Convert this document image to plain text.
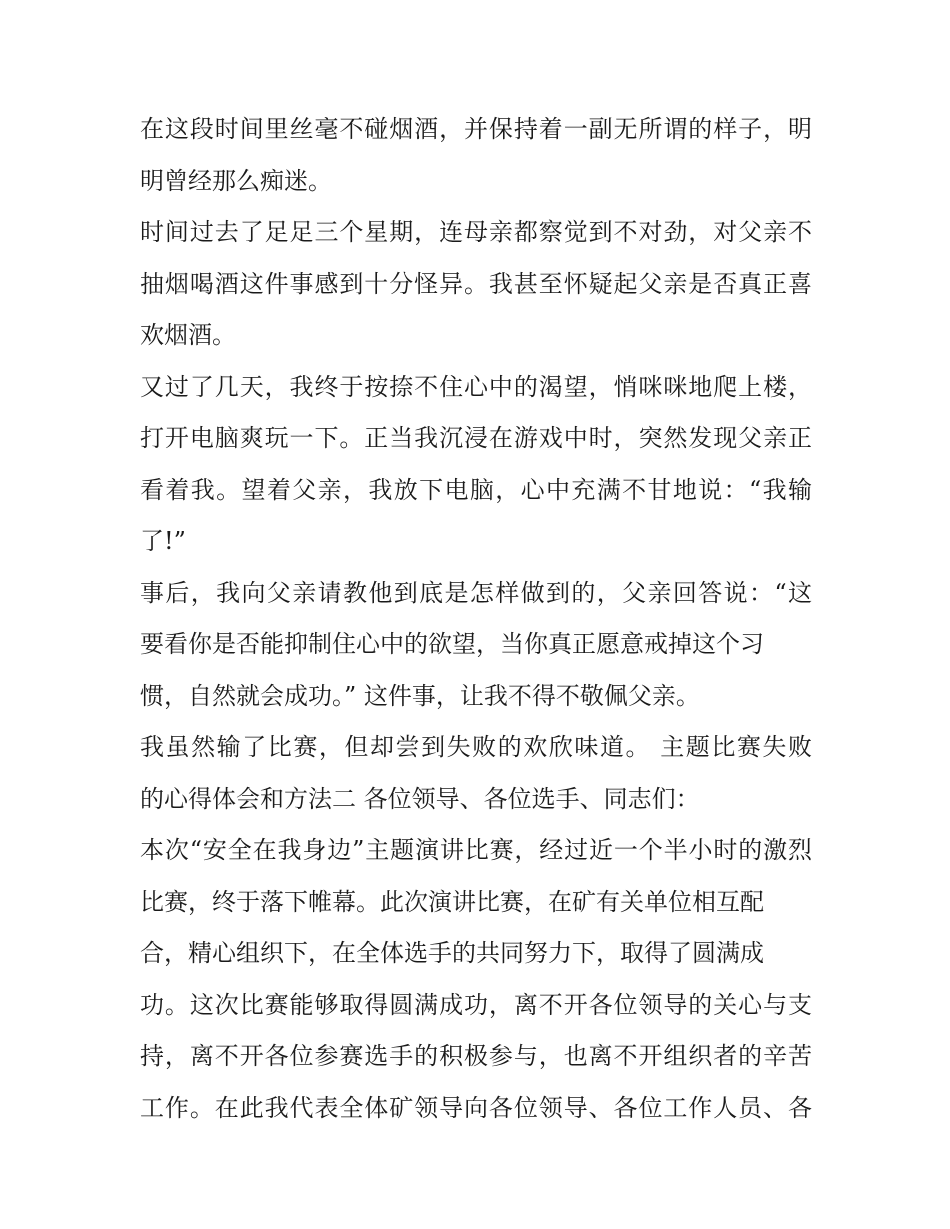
在这段时间里丝毫不碰烟酒，并保持着一副无所谓的样子，明
明曾经那么痴迷。
时间过去了足足三个星期，连母亲都察觉到不对劲，对父亲不
抽烟喝酒这件事感到十分怪异。我甚至怀疑起父亲是否真正喜
欢烟酒。
又过了几天，我终于按捺不住心中的渴望，悄咪咪地爬上楼，
打开电脑爽玩一下。正当我沉浸在游戏中时，突然发现父亲正
看着我。望着父亲，我放下电脑，心中充满不甘地说：“我输
了!”
事后，我向父亲请教他到底是怎样做到的，父亲回答说：“这
要看你是否能抑制住心中的欲望，当你真正愿意戒掉这个习
惯，自然就会成功。” 这件事，让我不得不敬佩父亲。
我虽然输了比赛，但却尝到失败的欢欣味道。 主题比赛失败
的心得体会和方法二 各位领导、各位选手、同志们：
本次“安全在我身边”主题演讲比赛，经过近一个半小时的激烈
比赛，终于落下帷幕。此次演讲比赛，在矿有关单位相互配
合，精心组织下，在全体选手的共同努力下，取得了圆满成
功。这次比赛能够取得圆满成功，离不开各位领导的关心与支
持，离不开各位参赛选手的积极参与，也离不开组织者的辛苦
工作。在此我代表全体矿领导向各位领导、各位工作人员、各
